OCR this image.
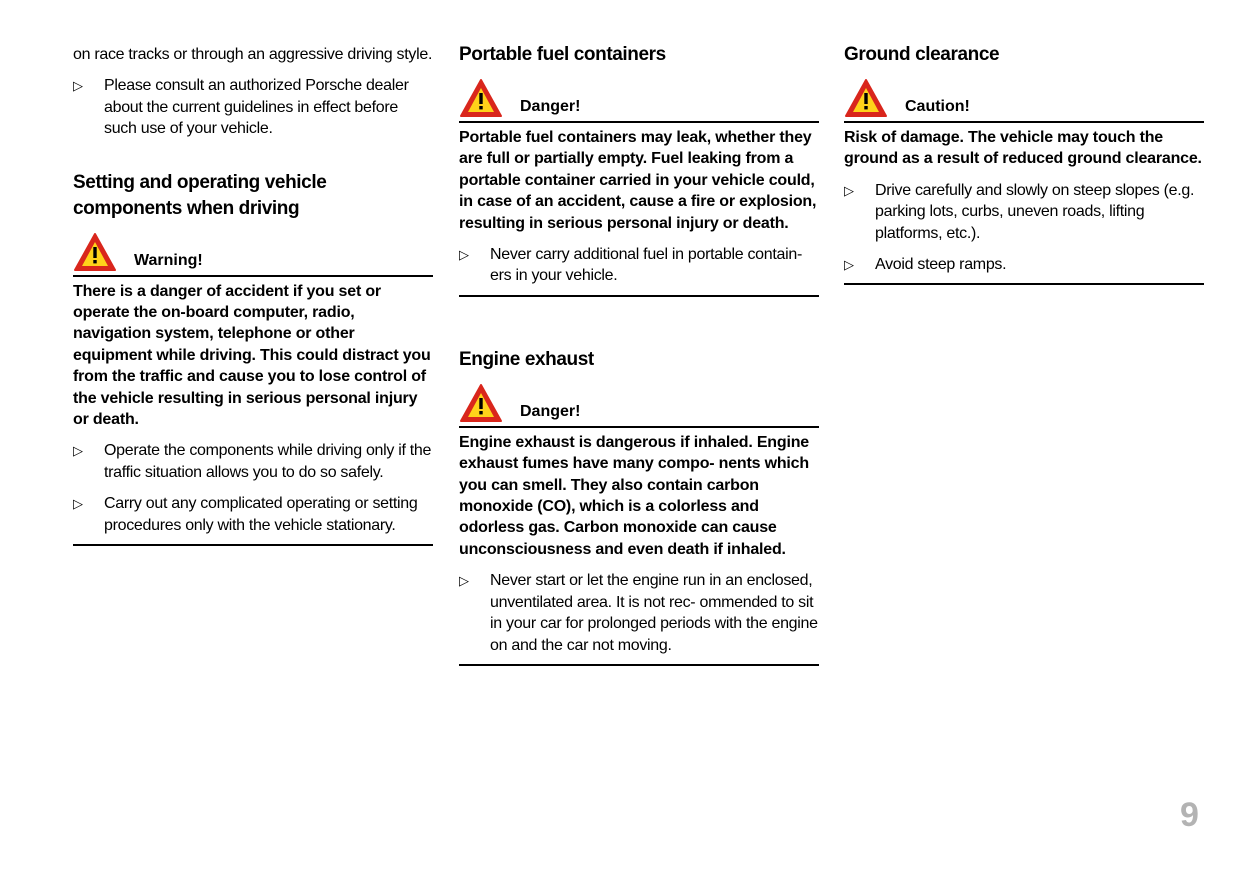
on race tracks or through an aggressive driving style.

▷ Please consult an authorized Porsche dealer about the current guidelines in effect before such use of your vehicle.
Setting and operating vehicle components when driving
Warning!

There is a danger of accident if you set or operate the on-board computer, radio, navigation system, telephone or other equipment while driving. This could distract you from the traffic and cause you to lose control of the vehicle resulting in serious personal injury or death.

▷ Operate the components while driving only if the traffic situation allows you to do so safely.
▷ Carry out any complicated operating or setting procedures only with the vehicle stationary.
Portable fuel containers
Danger!

Portable fuel containers may leak, whether they are full or partially empty. Fuel leaking from a portable container carried in your vehicle could, in case of an accident, cause a fire or explosion, resulting in serious personal injury or death.

▷ Never carry additional fuel in portable contain- ers in your vehicle.
Engine exhaust
Danger!

Engine exhaust is dangerous if inhaled. Engine exhaust fumes have many compo- nents which you can smell. They also contain carbon monoxide (CO), which is a colorless and odorless gas. Carbon monoxide can cause unconsciousness and even death if inhaled.

▷ Never start or let the engine run in an enclosed, unventilated area. It is not rec- ommended to sit in your car for prolonged periods with the engine on and the car not moving.
Ground clearance
Caution!

Risk of damage. The vehicle may touch the ground as a result of reduced ground clearance.

▷ Drive carefully and slowly on steep slopes (e.g. parking lots, curbs, uneven roads, lifting platforms, etc.).
▷ Avoid steep ramps.

9
